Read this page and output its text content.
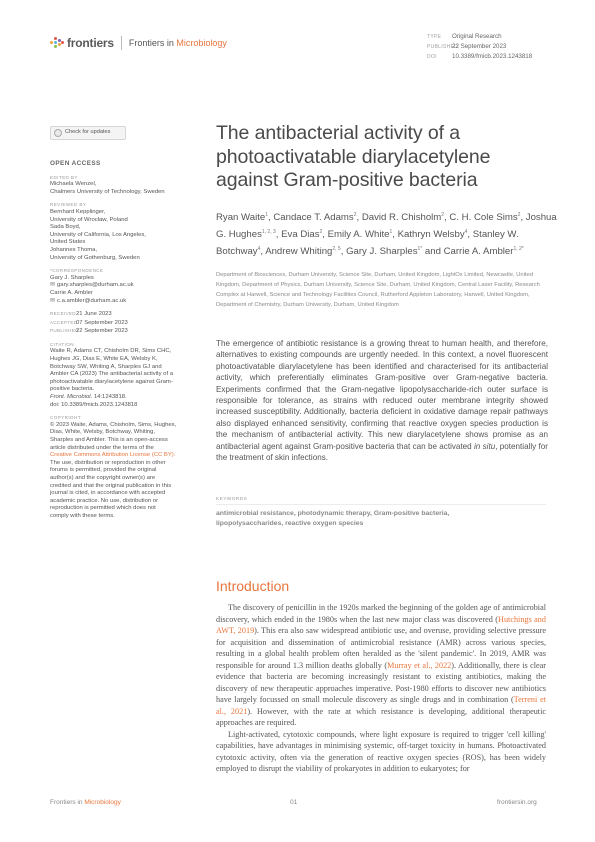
frontiers Frontiers in Microbiology
TYPE Original Research
PUBLISHED22 September 2023
DOI 10.3389/fmicb.2023.1243818
Check for updates
OPEN ACCESS
EDITED BY
Michaela Wenzel,
Chalmers University of Technology, Sweden
REVIEWED BY
Bernhard Kepplinger,
University of Wrocław, Poland
Sada Boyd,
University of California, Los Angeles,
United States
Johannes Thoma,
University of Gothenburg, Sweden
*CORRESPONDENCE
Gary J. Sharples
✉ gary.sharples@durham.ac.uk
Carrie A. Ambler
✉ c.a.ambler@durham.ac.uk
RECEIVED21 June 2023
ACCEPTED07 September 2023
PUBLISHED22 September 2023
CITATION
Waite R, Adams CT, Chisholm DR, Sims CHC,
Hughes JG, Dias E, White EA, Welsby K,
Botchway SW, Whiting A, Sharples GJ and
Ambler CA (2023) The antibacterial activity of a
photoactivatable diarylacetylene against Gram-
positive bacteria.
Front. Microbiol. 14:1243818.
doi: 10.3389/fmicb.2023.1243818
COPYRIGHT
© 2023 Waite, Adams, Chisholm, Sims, Hughes,
Dias, White, Welsby, Botchway, Whiting,
Sharples and Ambler. This is an open-access
article distributed under the terms of the
Creative Commons Attribution License (CC BY).
The use, distribution or reproduction in other
forums is permitted, provided the original
author(s) and the copyright owner(s) are
credited and that the original publication in this
journal is cited, in accordance with accepted
academic practice. No use, distribution or
reproduction is permitted which does not
comply with these terms.
The antibacterial activity of a photoactivatable diarylacetylene against Gram-positive bacteria
Ryan Waite$^1$, Candace T. Adams$^2$, David R. Chisholm$^2$, C. H. Cole Sims$^2$, Joshua G. Hughes$^{1, 2, 3}$, Eva Dias$^2$, Emily A. White$^1$, Kathryn Welsby$^4$, Stanley W. Botchway$^4$, Andrew Whiting$^{2, 5}$, Gary J. Sharples$^{1*}$ and Carrie A. Ambler$^{1, 2*}$
Department of Biosciences, Durham University, Science Site, Durham, United Kingdom, LightOx Limited, Newcastle, United Kingdom, Department of Physics, Durham University, Science Site, Durham, United Kingdom, Central Laser Facility, Research Complex at Harwell, Science and Technology Facilities Council, Rutherford Appleton Laboratory, Harwell, United Kingdom, Department of Chemistry, Durham University, Durham, United Kingdom
The emergence of antibiotic resistance is a growing threat to human health, and therefore, alternatives to existing compounds are urgently needed. In this context, a novel fluorescent photoactivatable diarylacetylene has been identified and characterised for its antibacterial activity, which preferentially eliminates Gram-positive over Gram-negative bacteria. Experiments confirmed that the Gram-negative lipopolysaccharide-rich outer surface is responsible for tolerance, as strains with reduced outer membrane integrity showed increased susceptibility. Additionally, bacteria deficient in oxidative damage repair pathways also displayed enhanced sensitivity, confirming that reactive oxygen species production is the mechanism of antibacterial activity. This new diarylacetylene shows promise as an antibacterial agent against Gram-positive bacteria that can be activated in situ, potentially for the treatment of skin infections.
KEYWORDS
antimicrobial resistance, photodynamic therapy, Gram-positive bacteria, lipopolysaccharides, reactive oxygen species
Introduction

The discovery of penicillin in the 1920s marked the beginning of the golden age of antimicrobial discovery, which ended in the 1980s when the last new major class was discovered (Hutchings and AWT, 2019). This era also saw widespread antibiotic use, and overuse, providing selective pressure for acquisition and dissemination of antimicrobial resistance (AMR) across various species, resulting in a global health problem often heralded as the 'silent pandemic'. In 2019, AMR was responsible for around 1.3 million deaths globally (Murray et al., 2022). Additionally, there is clear evidence that bacteria are becoming increasingly resistant to existing antibiotics, making the discovery of new therapeutic approaches imperative. Post-1980 efforts to discover new antibiotics have largely focussed on small molecule discovery as single drugs and in combination (Terreni et al., 2021). However, with the rate at which resistance is developing, additional therapeutic approaches are required.

Light-activated, cytotoxic compounds, where light exposure is required to trigger 'cell killing' capabilities, have advantages in minimising systemic, off-target toxicity in humans. Photoactivated cytotoxic activity, often via the generation of reactive oxygen species (ROS), has been widely employed to disrupt the viability of prokaryotes in addition to eukaryotes; for

Frontiers in Microbiology	01	frontiersin.org
